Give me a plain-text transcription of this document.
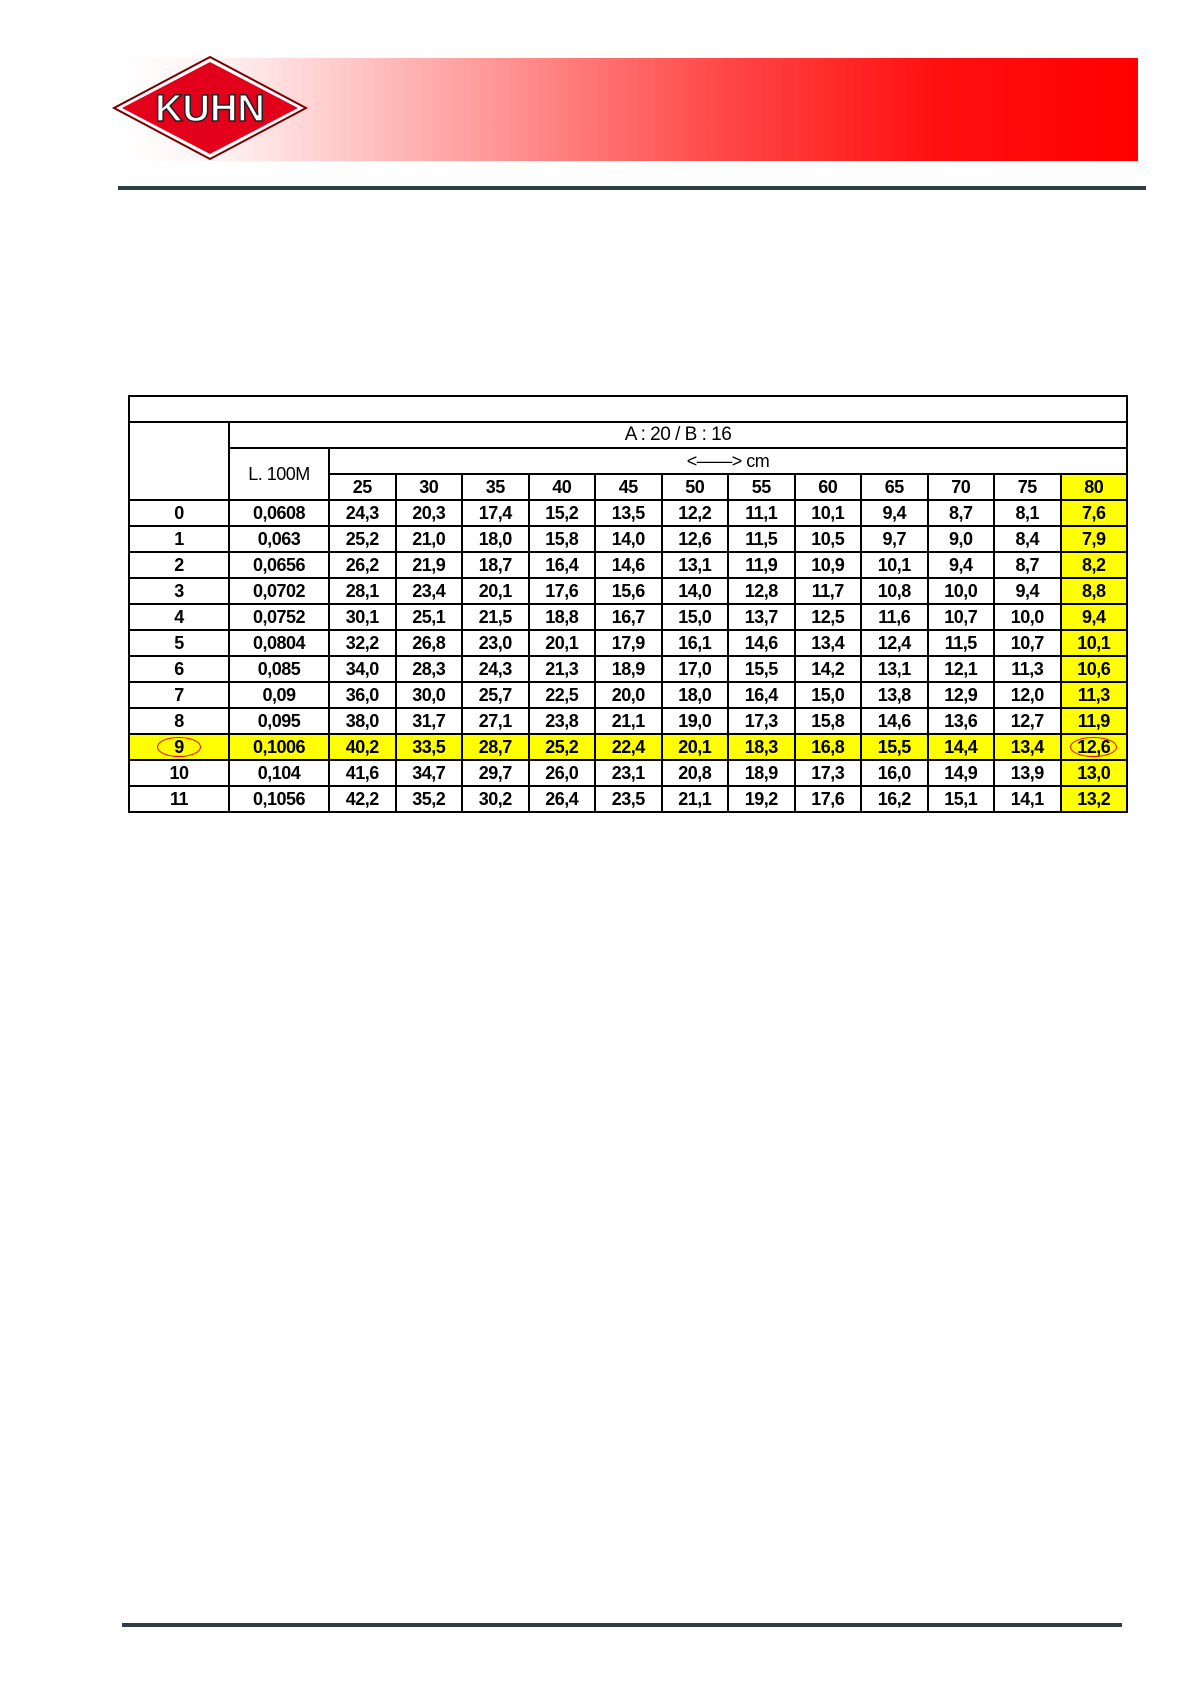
KUHN

	A : 20 / B : 16												
	L. 100M	<——> cm											
		25	30	35	40	45	50	55	60	65	70	75	80
0	0,0608	24,3	20,3	17,4	15,2	13,5	12,2	11,1	10,1	9,4	8,7	8,1	7,6
1	0,063	25,2	21,0	18,0	15,8	14,0	12,6	11,5	10,5	9,7	9,0	8,4	7,9
2	0,0656	26,2	21,9	18,7	16,4	14,6	13,1	11,9	10,9	10,1	9,4	8,7	8,2
3	0,0702	28,1	23,4	20,1	17,6	15,6	14,0	12,8	11,7	10,8	10,0	9,4	8,8
4	0,0752	30,1	25,1	21,5	18,8	16,7	15,0	13,7	12,5	11,6	10,7	10,0	9,4
5	0,0804	32,2	26,8	23,0	20,1	17,9	16,1	14,6	13,4	12,4	11,5	10,7	10,1
6	0,085	34,0	28,3	24,3	21,3	18,9	17,0	15,5	14,2	13,1	12,1	11,3	10,6
7	0,09	36,0	30,0	25,7	22,5	20,0	18,0	16,4	15,0	13,8	12,9	12,0	11,3
8	0,095	38,0	31,7	27,1	23,8	21,1	19,0	17,3	15,8	14,6	13,6	12,7	11,9
9	0,1006	40,2	33,5	28,7	25,2	22,4	20,1	18,3	16,8	15,5	14,4	13,4	12,6
10	0,104	41,6	34,7	29,7	26,0	23,1	20,8	18,9	17,3	16,0	14,9	13,9	13,0
11	0,1056	42,2	35,2	30,2	26,4	23,5	21,1	19,2	17,6	16,2	15,1	14,1	13,2
